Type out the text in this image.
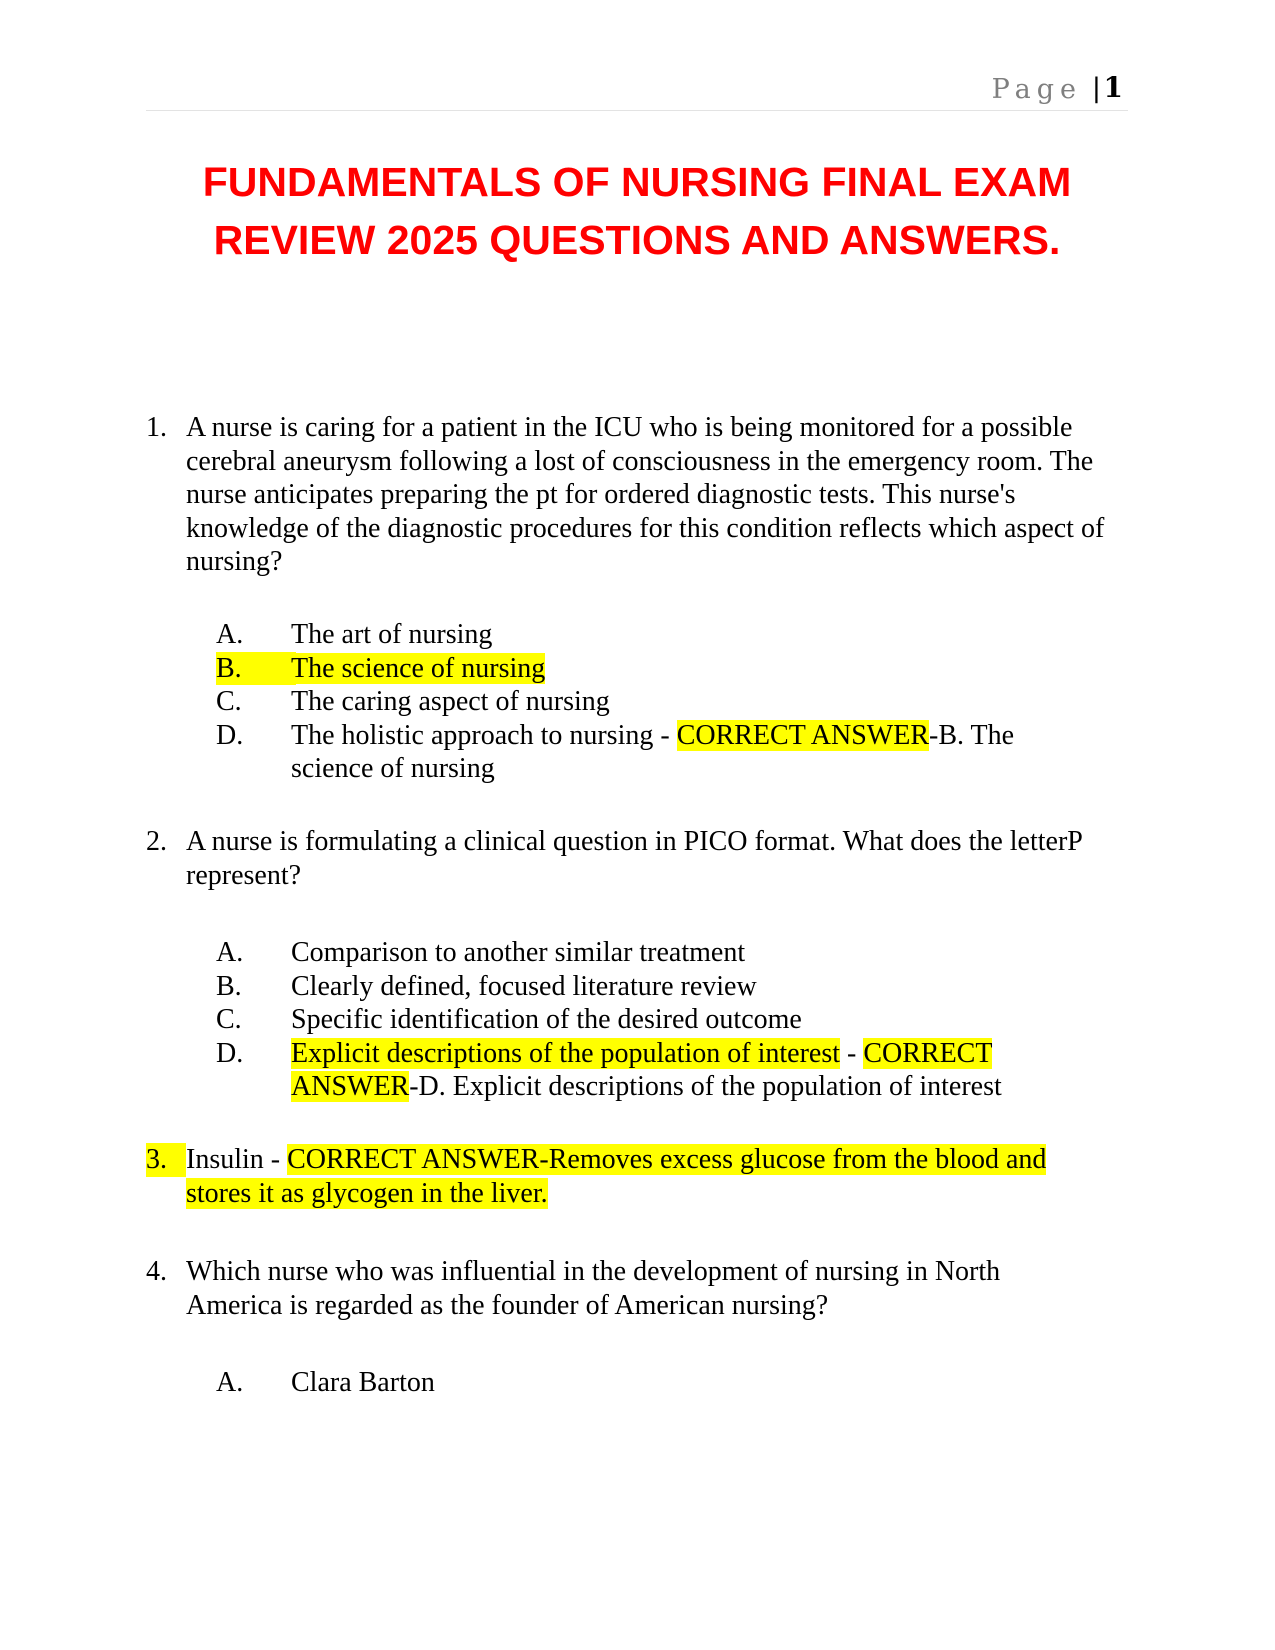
Page | 1
FUNDAMENTALS OF NURSING FINAL EXAM REVIEW 2025 QUESTIONS AND ANSWERS.
1. A nurse is caring for a patient in the ICU who is being monitored for a possible cerebral aneurysm following a lost of consciousness in the emergency room. The nurse anticipates preparing the pt for ordered diagnostic tests. This nurse's knowledge of the diagnostic procedures for this condition reflects which aspect of nursing?
A.	The art of nursing
B.	The science of nursing
C.	The caring aspect of nursing
D.	The holistic approach to nursing - CORRECT ANSWER-B. The science of nursing
2. A nurse is formulating a clinical question in PICO format. What does the letterP represent?
A.	Comparison to another similar treatment
B.	Clearly defined, focused literature review
C.	Specific identification of the desired outcome
D.	Explicit descriptions of the population of interest - CORRECT ANSWER-D. Explicit descriptions of the population of interest
3. Insulin - CORRECT ANSWER-Removes excess glucose from the blood and stores it as glycogen in the liver.
4. Which nurse who was influential in the development of nursing in North America is regarded as the founder of American nursing?
A.	Clara Barton
